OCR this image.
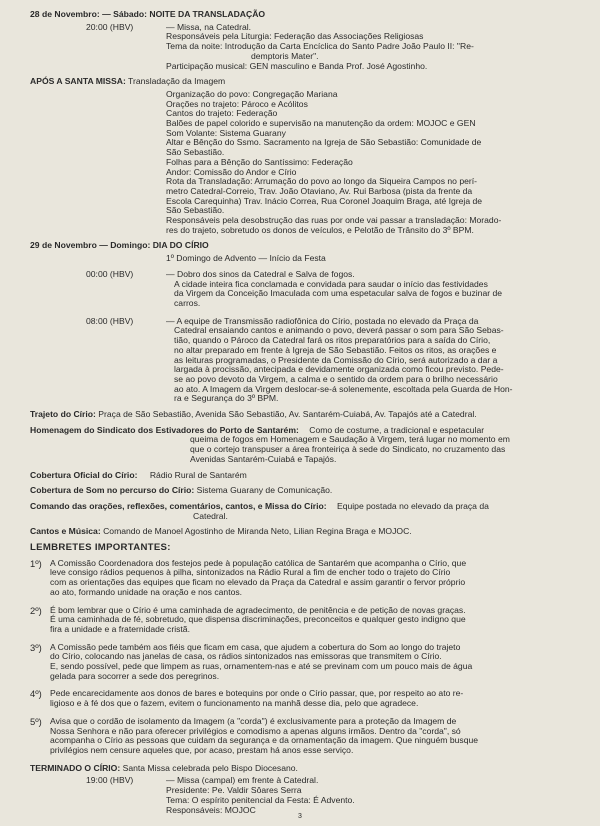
28 de Novembro: — Sábado: NOITE DA TRANSLADAÇÃO
20:00 (HBV)	— Missa, na Catedral.
Responsáveis pela Liturgia: Federação das Associações Religiosas
Tema da noite: Introdução da Carta Encíclica do Santo Padre João Paulo II: "Re-
demptoris Mater".
Participação musical: GEN masculino e Banda Prof. José Agostinho.
APÓS A SANTA MISSA: Transladação da Imagem
Organização do povo: Congregação Mariana
Orações no trajeto: Pároco e Acólitos
Cantos do trajeto: Federação
Balões de papel colorido e supervisão na manutenção da ordem: MOJOC e GEN
Som Volante: Sistema Guarany
Altar e Bênção do Ssmo. Sacramento na Igreja de São Sebastião: Comunidade de
São Sebastião.
Folhas para a Bênção do Santíssimo: Federação
Andor: Comissão do Andor e Círio
Rota da Transladação: Arrumação do povo ao longo da Siqueira Campos no perí-
metro Catedral-Correio, Trav. João Otaviano, Av. Rui Barbosa (pista da frente da
Escola Carequinha) Trav. Inácio Correa, Rua Coronel Joaquim Braga, até Igreja de
São Sebastião.
Responsáveis pela desobstrução das ruas por onde vai passar a transladação: Morado-
res do trajeto, sobretudo os donos de veículos, e Pelotão de Trânsito do 3º BPM.
29 de Novembro — Domingo: DIA DO CÍRIO
1º Domingo de Advento — Início da Festa
00:00 (HBV)	— Dobro dos sinos da Catedral e Salva de fogos.
A cidade inteira fica conclamada e convidada para saudar o início das festividades
da Virgem da Conceição Imaculada com uma espetacular salva de fogos e buzinar de
carros.
08:00 (HBV)	— A equipe de Transmissão radiofônica do Círio, postada no elevado da Praça da
Catedral ensaiando cantos e animando o povo, deverá passar o som para São Sebas-
tião, quando o Pároco da Catedral fará os ritos preparatórios para a saída do Círio,
no altar preparado em frente à Igreja de São Sebastião. Feitos os ritos, as orações e
as leituras programadas, o Presidente da Comissão do Círio, será autorizado a dar a
largada à procissão, antecipada e devidamente organizada como ficou previsto. Pede-
se ao povo devoto da Virgem, a calma e o sentido da ordem para o brilho necessário
ao ato. A Imagem da Virgem deslocar-se-á solenemente, escoltada pela Guarda de Hon-
ra e Segurança do 3º BPM.
Trajeto do Círio: Praça de São Sebastião, Avenida São Sebastião, Av. Santarém-Cuiabá, Av. Tapajós até a Catedral.
Homenagem do Sindicato dos Estivadores do Porto de Santarém: Como de costume, a tradicional e espetacular
queima de fogos em Homenagem e Saudação à Virgem, terá lugar no momento em
que o cortejo transpuser a área fronteiriça à sede do Sindicato, no cruzamento das
Avenidas Santarém-Cuiabá e Tapajós.
Cobertura Oficial do Círio: Rádio Rural de Santarém
Cobertura de Som no percurso do Círio: Sistema Guarany de Comunicação.
Comando das orações, reflexões, comentários, cantos, e Missa do Círio: Equipe postada no elevado da praça da
Catedral.
Cantos e Música: Comando de Manoel Agostinho de Miranda Neto, Lilian Regina Braga e MOJOC.
LEMBRETES IMPORTANTES:
1º) A Comissão Coordenadora dos festejos pede à população católica de Santarém que acompanha o Círio, que
leve consigo rádios pequenos à pilha, sintonizados na Rádio Rural a fim de encher todo o trajeto do Círio
com as orientações das equipes que ficam no elevado da Praça da Catedral e assim garantir o fervor próprio
ao ato, formando unidade na oração e nos cantos.
2º) É bom lembrar que o Círio é uma caminhada de agradecimento, de penitência e de petição de novas graças.
É uma caminhada de fé, sobretudo, que dispensa discriminações, preconceitos e qualquer gesto indigno que
fira a unidade e a fraternidade cristã.
3º) A Comissão pede também aos fiéis que ficam em casa, que ajudem a cobertura do Som ao longo do trajeto
do Círio, colocando nas janelas de casa, os rádios sintonizados nas emissoras que transmitem o Círio.
E, sendo possível, pede que limpem as ruas, ornamentem-nas e até se previnam com um pouco mais de água
gelada para socorrer a sede dos peregrinos.
4º) Pede encarecidamente aos donos de bares e botequins por onde o Círio passar, que, por respeito ao ato re-
ligioso e à fé dos que o fazem, evitem o funcionamento na manhã desse dia, pelo que agradece.
5º) Avisa que o cordão de isolamento da Imagem (a "corda") é exclusivamente para a proteção da Imagem de
Nossa Senhora e não para oferecer privilégios e comodismo a apenas alguns irmãos. Dentro da "corda", só
acompanha o Círio as pessoas que cuidam da segurança e da ornamentação da imagem. Que ninguém busque
privilégios nem censure aqueles que, por acaso, prestam há anos esse serviço.
TERMINADO O CÍRIO: Santa Missa celebrada pelo Bispo Diocesano.
19:00 (HBV)	— Missa (campal) em frente à Catedral.
Presidente: Pe. Valdir Sôares Serra
Tema: O espírito penitencial da Festa: É Advento.
Responsáveis: MOJOC
3
